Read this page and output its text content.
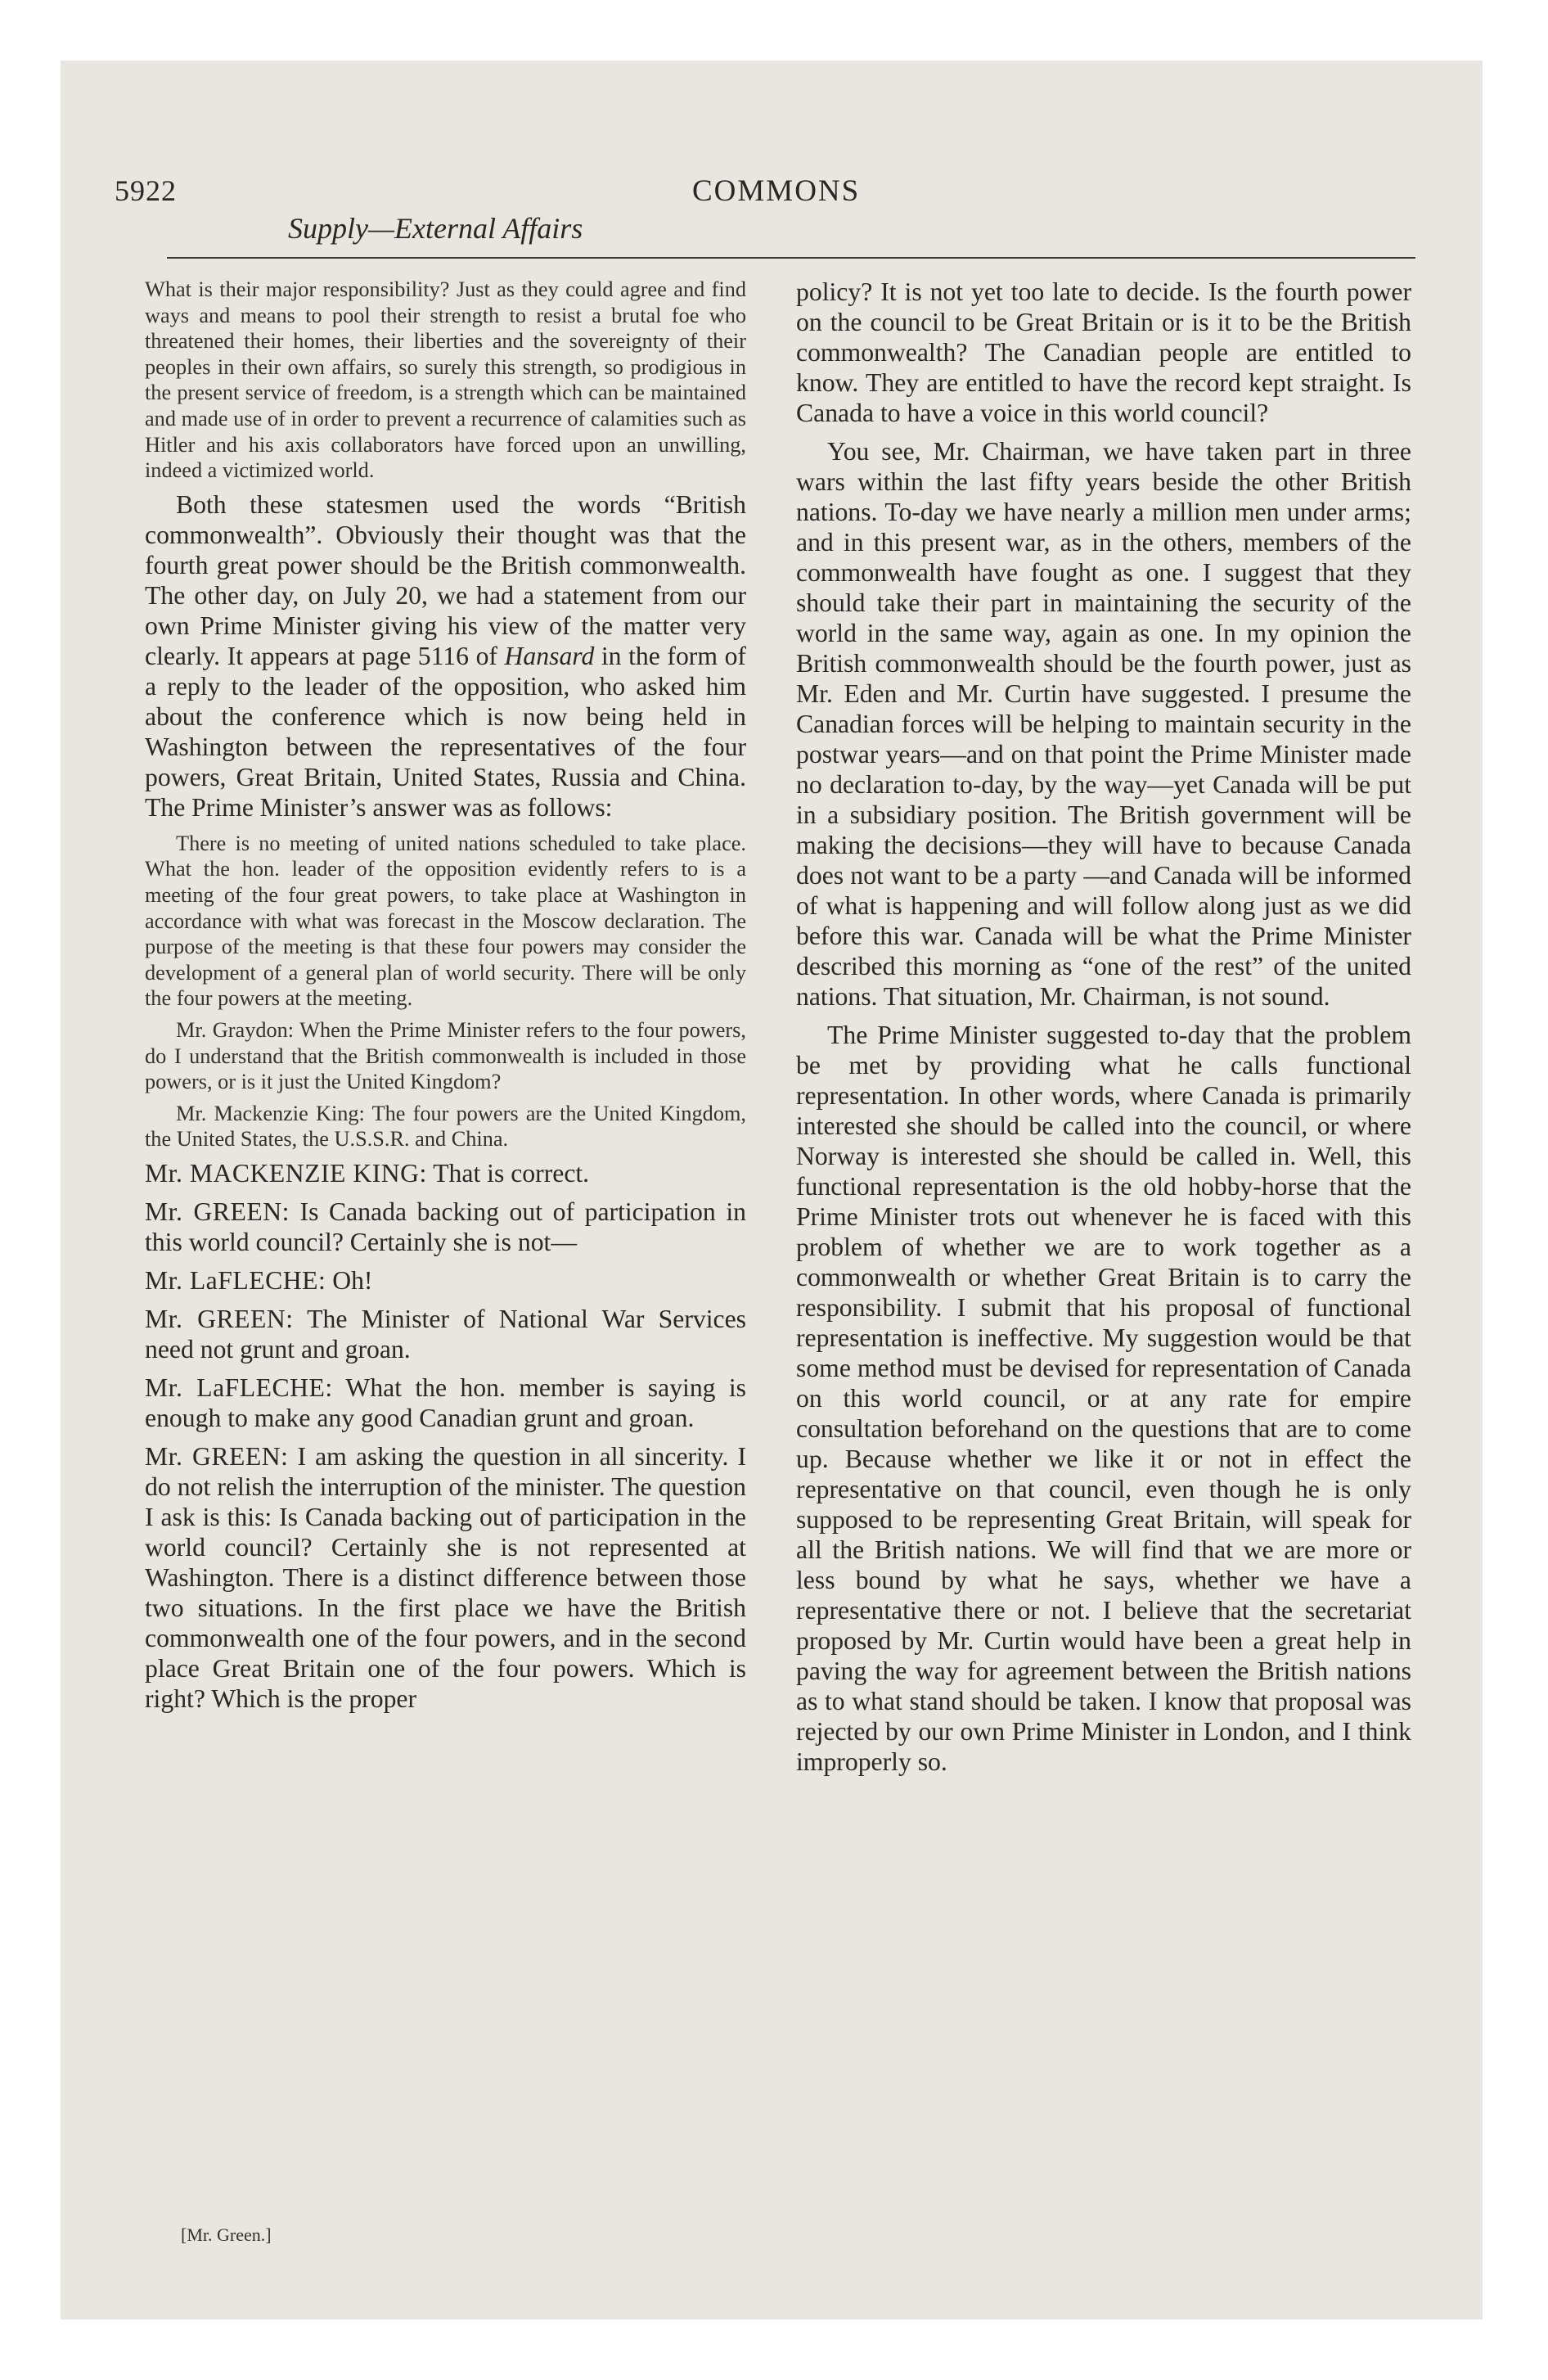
5922
Supply—External Affairs
COMMONS

What is their major responsibility? Just as they could agree and find ways and means to pool their strength to resist a brutal foe who threatened their homes, their liberties and the sovereignty of their peoples in their own affairs, so surely this strength, so prodigious in the present service of freedom, is a strength which can be maintained and made use of in order to prevent a recurrence of calamities such as Hitler and his axis collaborators have forced upon an unwilling, indeed a victimized world.

Both these statesmen used the words “British commonwealth”. Obviously their thought was that the fourth great power should be the British commonwealth. The other day, on July 20, we had a statement from our own Prime Minister giving his view of the matter very clearly. It appears at page 5116 of Hansard in the form of a reply to the leader of the opposition, who asked him about the conference which is now being held in Washington between the representatives of the four powers, Great Britain, United States, Russia and China. The Prime Minister’s answer was as follows:

There is no meeting of united nations scheduled to take place. What the hon. leader of the opposition evidently refers to is a meeting of the four great powers, to take place at Washington in accordance with what was forecast in the Moscow declaration. The purpose of the meeting is that these four powers may consider the development of a general plan of world security. There will be only the four powers at the meeting.

Mr. Graydon: When the Prime Minister refers to the four powers, do I understand that the British commonwealth is included in those powers, or is it just the United Kingdom?

Mr. Mackenzie King: The four powers are the United Kingdom, the United States, the U.S.S.R. and China.

Mr. MACKENZIE KING: That is correct.

Mr. GREEN: Is Canada backing out of participation in this world council? Certainly she is not—

Mr. LaFLECHE: Oh!

Mr. GREEN: The Minister of National War Services need not grunt and groan.

Mr. LaFLECHE: What the hon. member is saying is enough to make any good Canadian grunt and groan.

Mr. GREEN: I am asking the question in all sincerity. I do not relish the interruption of the minister. The question I ask is this: Is Canada backing out of participation in the world council? Certainly she is not represented at Washington. There is a distinct difference between those two situations. In the first place we have the British commonwealth one of the four powers, and in the second place Great Britain one of the four powers. Which is right? Which is the proper

policy? It is not yet too late to decide. Is the fourth power on the council to be Great Britain or is it to be the British commonwealth? The Canadian people are entitled to know. They are entitled to have the record kept straight. Is Canada to have a voice in this world council?

You see, Mr. Chairman, we have taken part in three wars within the last fifty years beside the other British nations. To-day we have nearly a million men under arms; and in this present war, as in the others, members of the commonwealth have fought as one. I suggest that they should take their part in maintaining the security of the world in the same way, again as one. In my opinion the British commonwealth should be the fourth power, just as Mr. Eden and Mr. Curtin have suggested. I presume the Canadian forces will be helping to maintain security in the postwar years—and on that point the Prime Minister made no declaration to-day, by the way—yet Canada will be put in a subsidiary position. The British government will be making the decisions—they will have to because Canada does not want to be a party —and Canada will be informed of what is happening and will follow along just as we did before this war. Canada will be what the Prime Minister described this morning as “one of the rest” of the united nations. That situation, Mr. Chairman, is not sound.

The Prime Minister suggested to-day that the problem be met by providing what he calls functional representation. In other words, where Canada is primarily interested she should be called into the council, or where Norway is interested she should be called in. Well, this functional representation is the old hobby-horse that the Prime Minister trots out whenever he is faced with this problem of whether we are to work together as a commonwealth or whether Great Britain is to carry the responsibility. I submit that his proposal of functional representation is ineffective. My suggestion would be that some method must be devised for representation of Canada on this world council, or at any rate for empire consultation beforehand on the questions that are to come up. Because whether we like it or not in effect the representative on that council, even though he is only supposed to be representing Great Britain, will speak for all the British nations. We will find that we are more or less bound by what he says, whether we have a representative there or not. I believe that the secretariat proposed by Mr. Curtin would have been a great help in paving the way for agreement between the British nations as to what stand should be taken. I know that proposal was rejected by our own Prime Minister in London, and I think improperly so.

[Mr. Green.]
